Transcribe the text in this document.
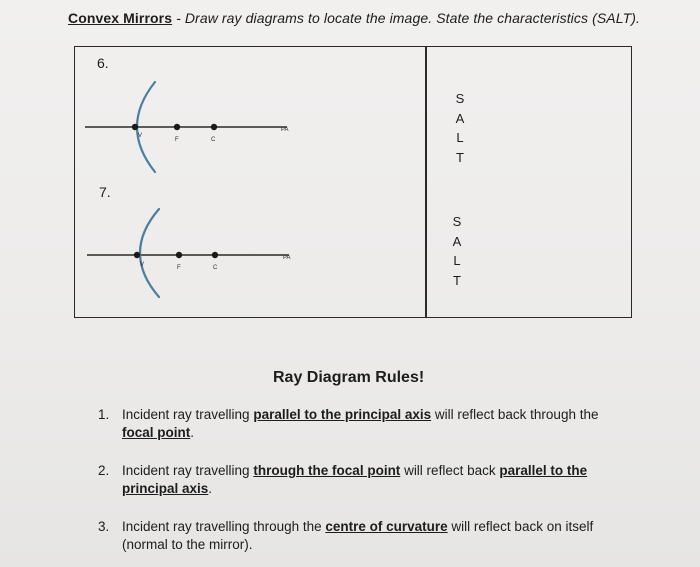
Convex Mirrors - Draw ray diagrams to locate the image. State the characteristics (SALT).
6.
7.
V
F	C
PA
V	F	C
PA
S
A
L
T
S
A
L
T
Ray Diagram Rules!
1. Incident ray travelling parallel to the principal axis will reflect back through the focal point.
2. Incident ray travelling through the focal point will reflect back parallel to the principal axis.
3. Incident ray travelling through the centre of curvature will reflect back on itself (normal to the mirror).
